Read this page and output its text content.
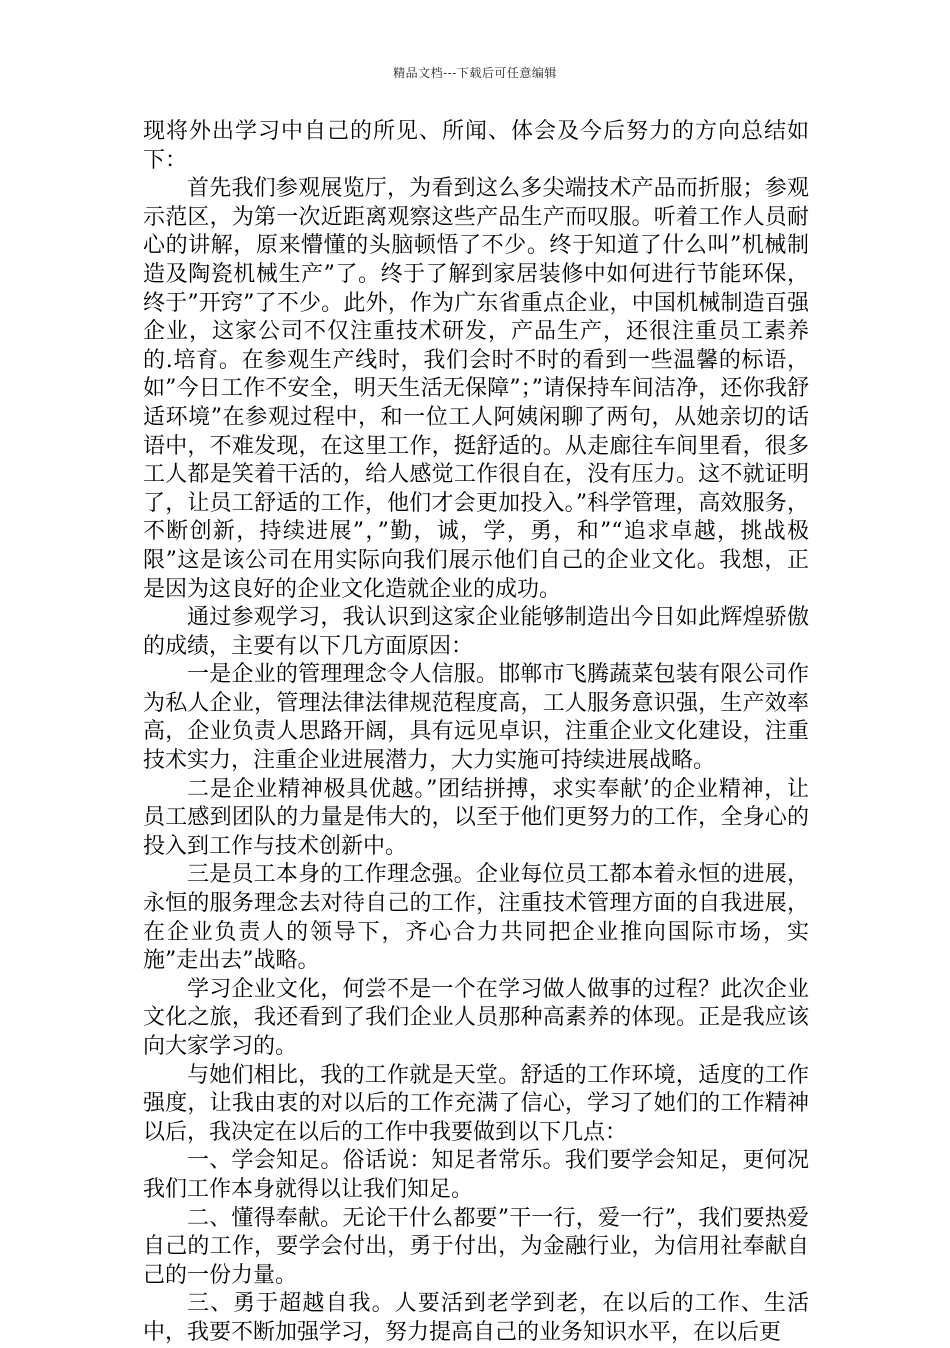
精品文档---下载后可任意编辑

现将外出学习中自己的所见、所闻、体会及今后努力的方向总结如下：

首先我们参观展览厅，为看到这么多尖端技术产品而折服；参观示范区，为第一次近距离观察这些产品生产而叹服。听着工作人员耐心的讲解，原来懵懂的头脑顿悟了不少。终于知道了什么叫”机械制造及陶瓷机械生产”了。终于了解到家居装修中如何进行节能环保，终于”开窍”了不少。此外，作为广东省重点企业，中国机械制造百强企业，这家公司不仅注重技术研发，产品生产，还很注重员工素养的.培育。在参观生产线时，我们会时不时的看到一些温馨的标语，如”今日工作不安全，明天生活无保障”；”请保持车间洁净，还你我舒适环境”在参观过程中，和一位工人阿姨闲聊了两句，从她亲切的话语中，不难发现，在这里工作，挺舒适的。从走廊往车间里看，很多工人都是笑着干活的，给人感觉工作很自在，没有压力。这不就证明了，让员工舒适的工作，他们才会更加投入。”科学管理，高效服务，不断创新，持续进展”，”勤，诚，学，勇，和”“追求卓越，挑战极限”这是该公司在用实际向我们展示他们自己的企业文化。我想，正是因为这良好的企业文化造就企业的成功。

通过参观学习，我认识到这家企业能够制造出今日如此辉煌骄傲的成绩，主要有以下几方面原因：

一是企业的管理理念令人信服。邯郸市飞腾蔬菜包装有限公司作为私人企业，管理法律法律规范程度高，工人服务意识强，生产效率高，企业负责人思路开阔，具有远见卓识，注重企业文化建设，注重技术实力，注重企业进展潜力，大力实施可持续进展战略。

二是企业精神极具优越。”团结拼搏，求实奉献’的企业精神，让员工感到团队的力量是伟大的，以至于他们更努力的工作，全身心的投入到工作与技术创新中。

三是员工本身的工作理念强。企业每位员工都本着永恒的进展，永恒的服务理念去对待自己的工作，注重技术管理方面的自我进展，在企业负责人的领导下，齐心合力共同把企业推向国际市场，实施”走出去”战略。

学习企业文化，何尝不是一个在学习做人做事的过程？此次企业文化之旅，我还看到了我们企业人员那种高素养的体现。正是我应该向大家学习的。

与她们相比，我的工作就是天堂。舒适的工作环境，适度的工作强度，让我由衷的对以后的工作充满了信心，学习了她们的工作精神以后，我决定在以后的工作中我要做到以下几点：

一、学会知足。俗话说：知足者常乐。我们要学会知足，更何况我们工作本身就得以让我们知足。

二、懂得奉献。无论干什么都要”干一行，爱一行”，我们要热爱自己的工作，要学会付出，勇于付出，为金融行业，为信用社奉献自己的一份力量。

三、勇于超越自我。人要活到老学到老，在以后的工作、生活中，我要不断加强学习，努力提高自己的业务知识水平，在以后更
